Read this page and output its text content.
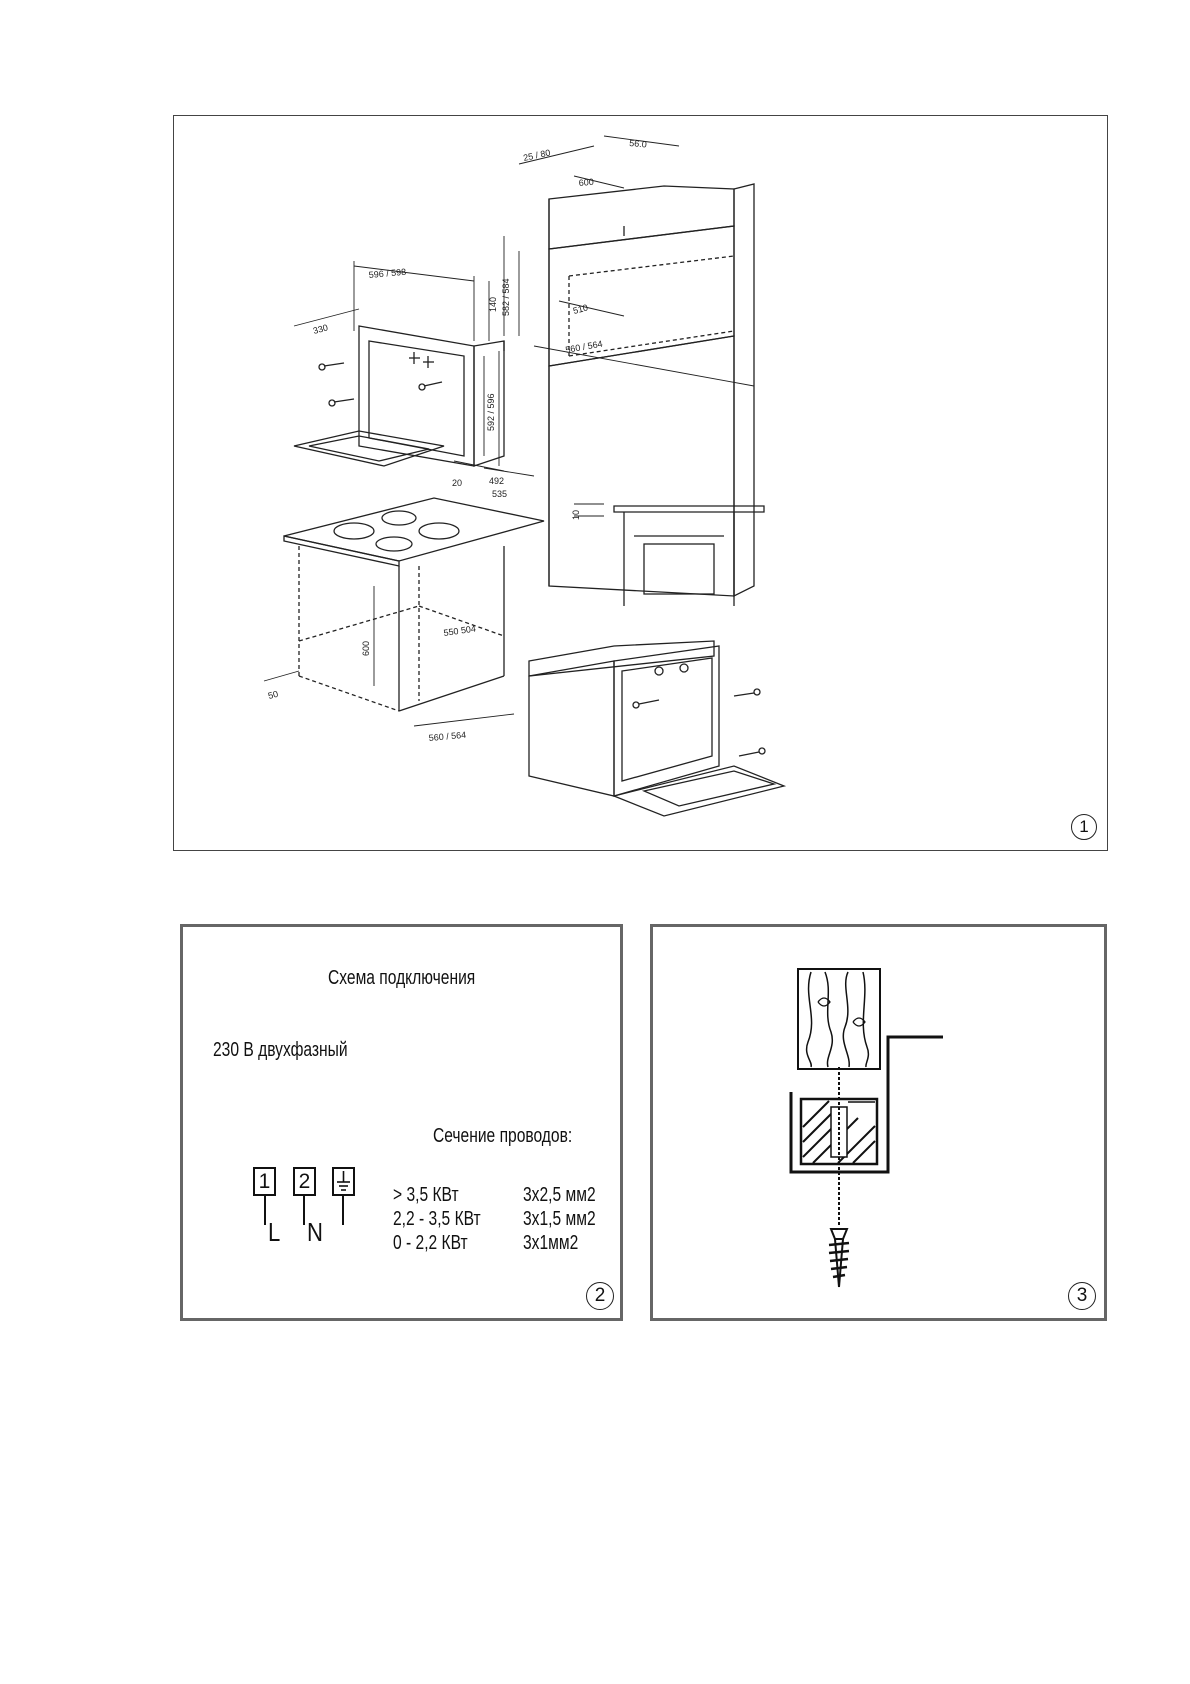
25 / 80
56.0
600
582 / 584	510
560 / 564
596 / 598
140
330
592 / 596
20	492
535
10
600
550 504
50
560 / 564
1
Схема подключения
230 В двухфазный
Сечение проводов:
1 2
L N
> 3,5 КВт	3x2,5 мм2
2,2 - 3,5 КВт 3x1,5 мм2
0 - 2,2 КВт	3x1мм2
2	3
